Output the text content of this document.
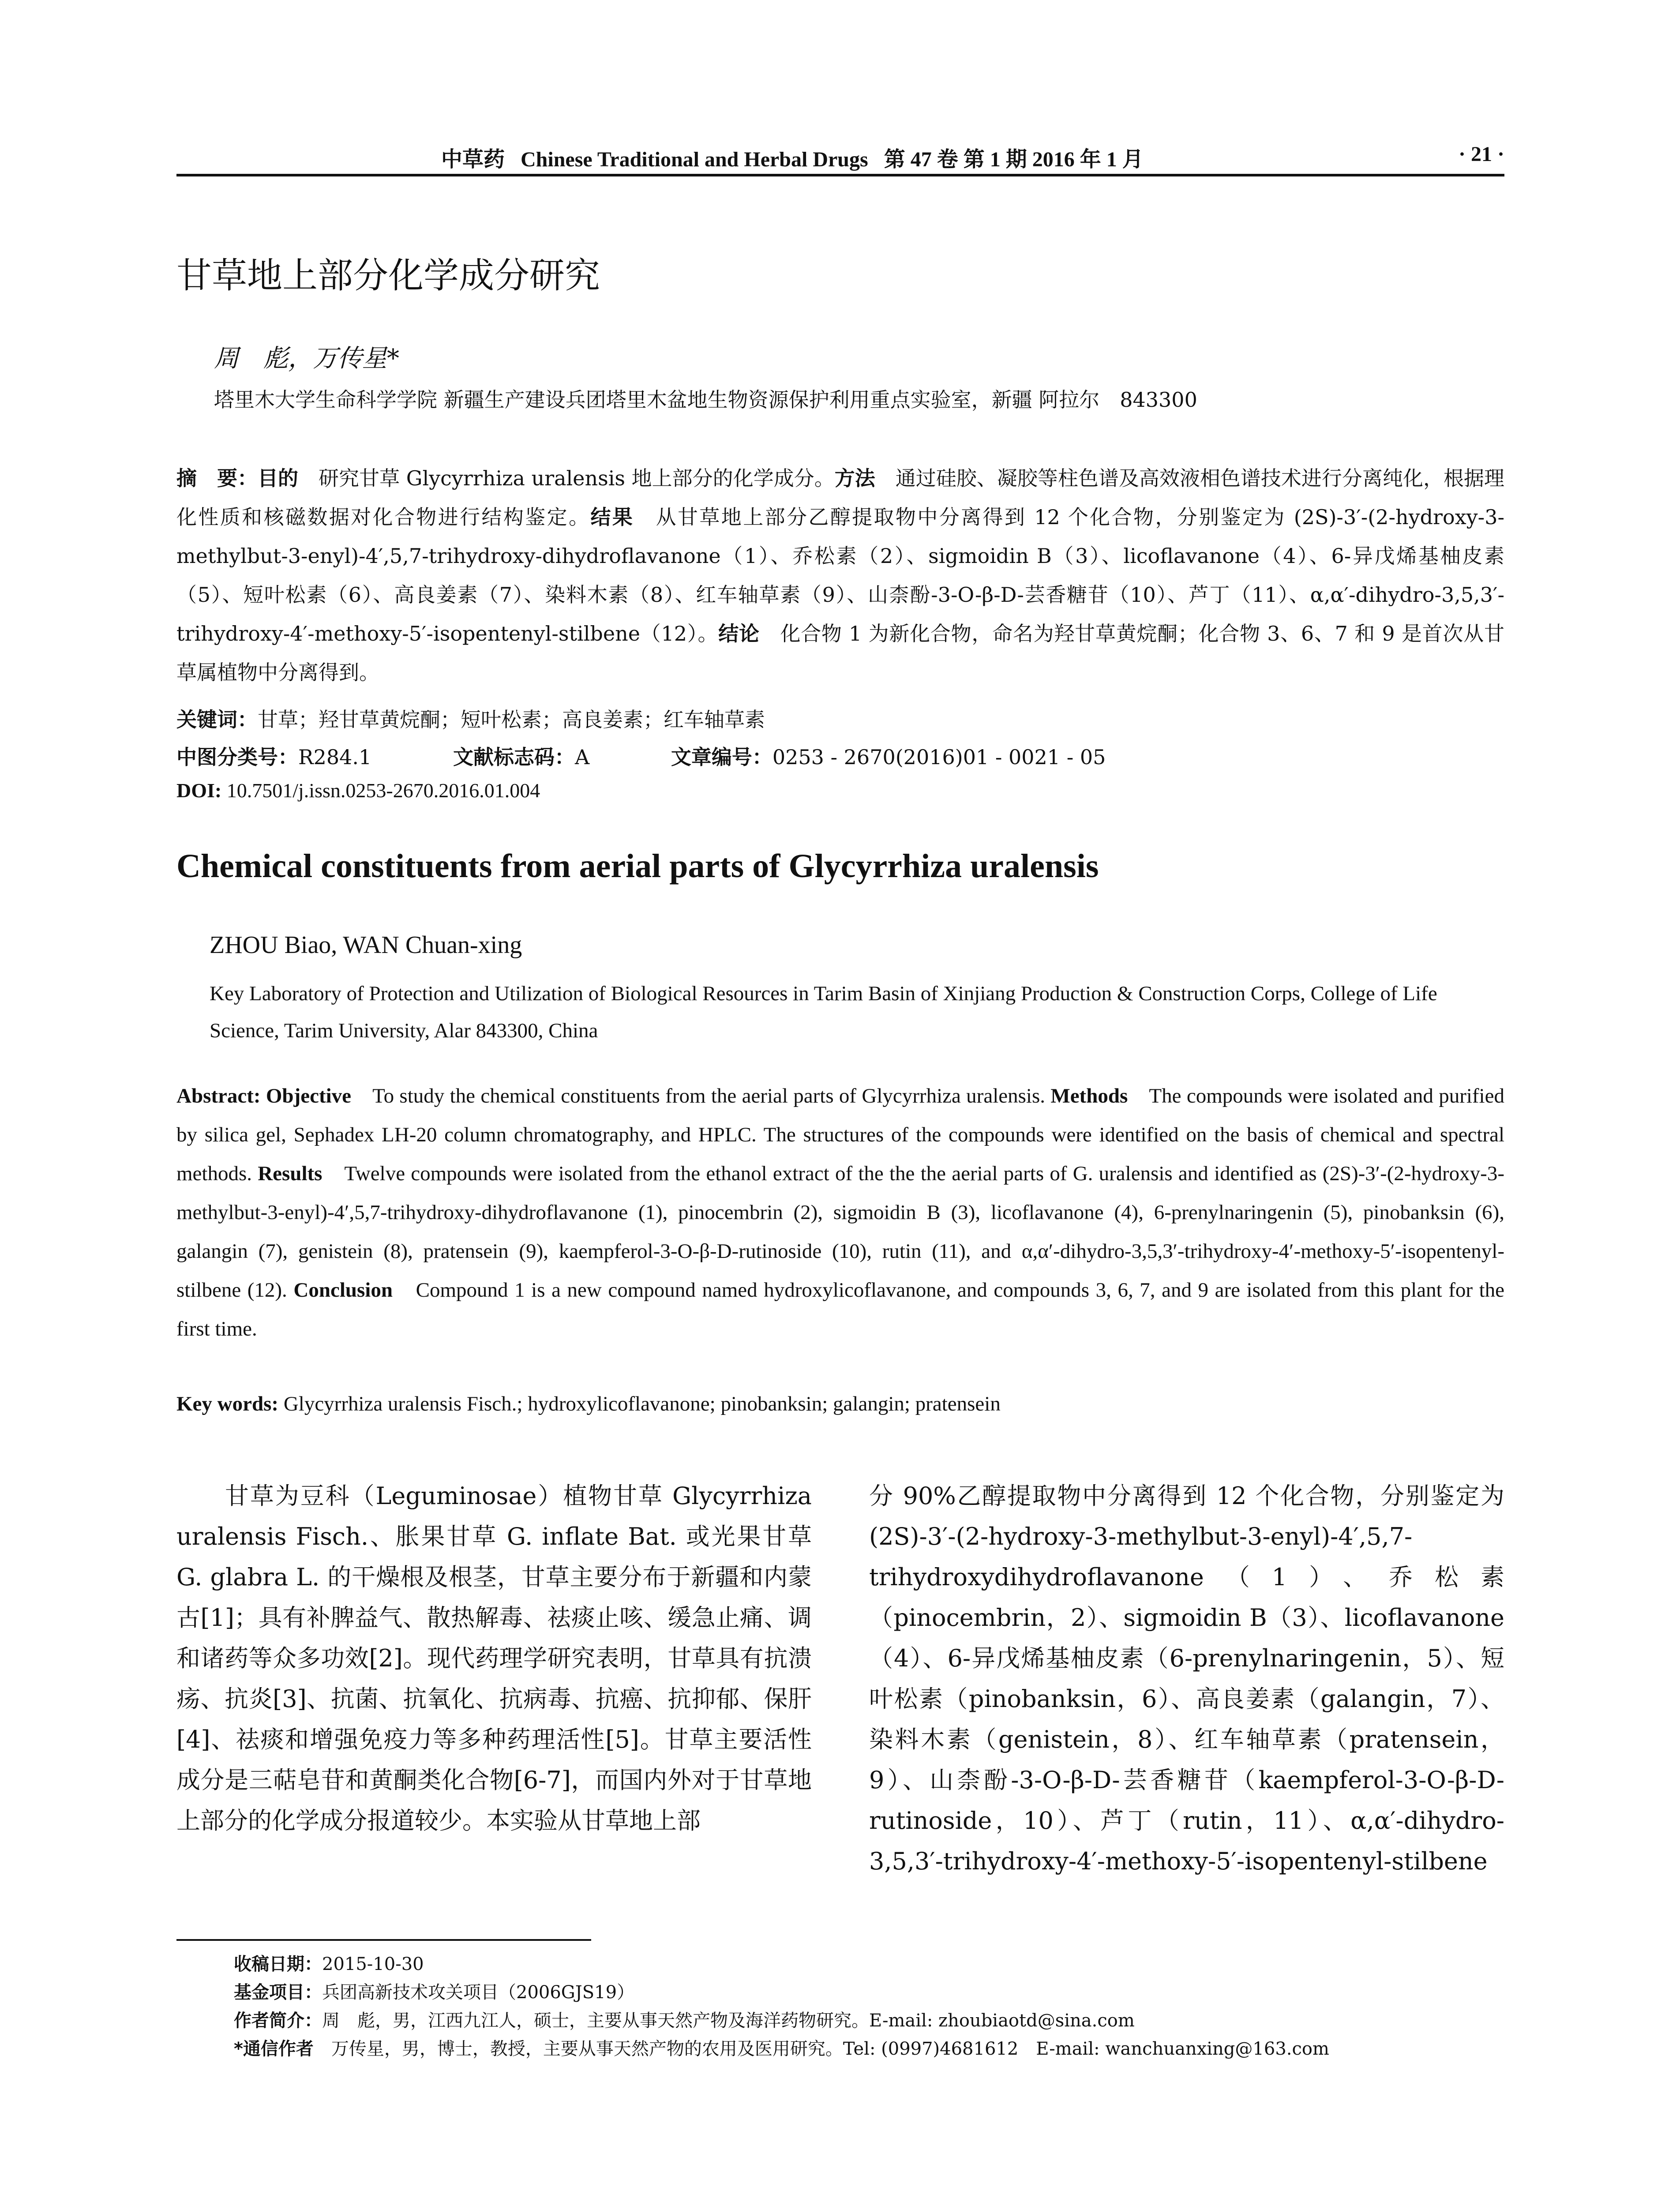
中草药 Chinese Traditional and Herbal Drugs 第 47 卷 第 1 期 2016 年 1 月	· 21 ·
甘草地上部分化学成分研究
周　彪，万传星*
塔里木大学生命科学学院 新疆生产建设兵团塔里木盆地生物资源保护利用重点实验室，新疆 阿拉尔　843300
摘　要：目的　研究甘草 Glycyrrhiza uralensis 地上部分的化学成分。方法　通过硅胶、凝胶等柱色谱及高效液相色谱技术进行分离纯化，根据理化性质和核磁数据对化合物进行结构鉴定。结果　从甘草地上部分乙醇提取物中分离得到 12 个化合物，分别鉴定为 (2S)-3′-(2-hydroxy-3-methylbut-3-enyl)-4′,5,7-trihydroxy-dihydroflavanone（1）、乔松素（2）、sigmoidin B（3）、licoflavanone（4）、6-异戊烯基柚皮素（5）、短叶松素（6）、高良姜素（7）、染料木素（8）、红车轴草素（9）、山柰酚-3-O-β-D-芸香糖苷（10）、芦丁（11）、α,α′-dihydro-3,5,3′-trihydroxy-4′-methoxy-5′-isopentenyl-stilbene（12）。结论　化合物 1 为新化合物，命名为羟甘草黄烷酮；化合物 3、6、7 和 9 是首次从甘草属植物中分离得到。
关键词：甘草；羟甘草黄烷酮；短叶松素；高良姜素；红车轴草素
中图分类号：R284.1	文献标志码：A	文章编号：0253 - 2670(2016)01 - 0021 - 05
DOI: 10.7501/j.issn.0253-2670.2016.01.004
Chemical constituents from aerial parts of Glycyrrhiza uralensis
ZHOU Biao, WAN Chuan-xing
Key Laboratory of Protection and Utilization of Biological Resources in Tarim Basin of Xinjiang Production & Construction Corps, College of Life Science, Tarim University, Alar 843300, China
Abstract: Objective　To study the chemical constituents from the aerial parts of Glycyrrhiza uralensis. Methods　The compounds were isolated and purified by silica gel, Sephadex LH-20 column chromatography, and HPLC. The structures of the compounds were identified on the basis of chemical and spectral methods. Results　Twelve compounds were isolated from the ethanol extract of the the the aerial parts of G. uralensis and identified as (2S)-3′-(2-hydroxy-3-methylbut-3-enyl)-4′,5,7-trihydroxy-dihydroflavanone (1), pinocembrin (2), sigmoidin B (3), licoflavanone (4), 6-prenylnaringenin (5), pinobanksin (6), galangin (7), genistein (8), pratensein (9), kaempferol-3-O-β-D-rutinoside (10), rutin (11), and α,α′-dihydro-3,5,3′-trihydroxy-4′-methoxy-5′-isopentenyl-stilbene (12). Conclusion　Compound 1 is a new compound named hydroxylicoflavanone, and compounds 3, 6, 7, and 9 are isolated from this plant for the first time.
Key words: Glycyrrhiza uralensis Fisch.; hydroxylicoflavanone; pinobanksin; galangin; pratensein
甘草为豆科（Leguminosae）植物甘草 Glycyrrhiza uralensis Fisch.、胀果甘草 G. inflate Bat. 或光果甘草 G. glabra L. 的干燥根及根茎，甘草主要分布于新疆和内蒙古[1]；具有补脾益气、散热解毒、祛痰止咳、缓急止痛、调和诸药等众多功效[2]。现代药理学研究表明，甘草具有抗溃疡、抗炎[3]、抗菌、抗氧化、抗病毒、抗癌、抗抑郁、保肝[4]、祛痰和增强免疫力等多种药理活性[5]。甘草主要活性成分是三萜皂苷和黄酮类化合物[6-7]，而国内外对于甘草地上部分的化学成分报道较少。本实验从甘草地上部
分 90%乙醇提取物中分离得到 12 个化合物，分别鉴定为 (2S)-3′-(2-hydroxy-3-methylbut-3-enyl)-4′,5,7-trihydroxydihydroflavanone（1）、乔松素（pinocembrin，2）、sigmoidin B（3）、licoflavanone（4）、6-异戊烯基柚皮素（6-prenylnaringenin，5）、短叶松素（pinobanksin，6）、高良姜素（galangin，7）、染料木素（genistein，8）、红车轴草素（pratensein，9）、山柰酚-3-O-β-D-芸香糖苷（kaempferol-3-O-β-D-rutinoside，10）、芦丁（rutin，11）、α,α′-dihydro-3,5,3′-trihydroxy-4′-methoxy-5′-isopentenyl-stilbene
收稿日期：2015-10-30
基金项目：兵团高新技术攻关项目（2006GJS19）
作者简介：周　彪，男，江西九江人，硕士，主要从事天然产物及海洋药物研究。E-mail: zhoubiaotd@sina.com
*通信作者　万传星，男，博士，教授，主要从事天然产物的农用及医用研究。Tel: (0997)4681612　E-mail: wanchuanxing@163.com
